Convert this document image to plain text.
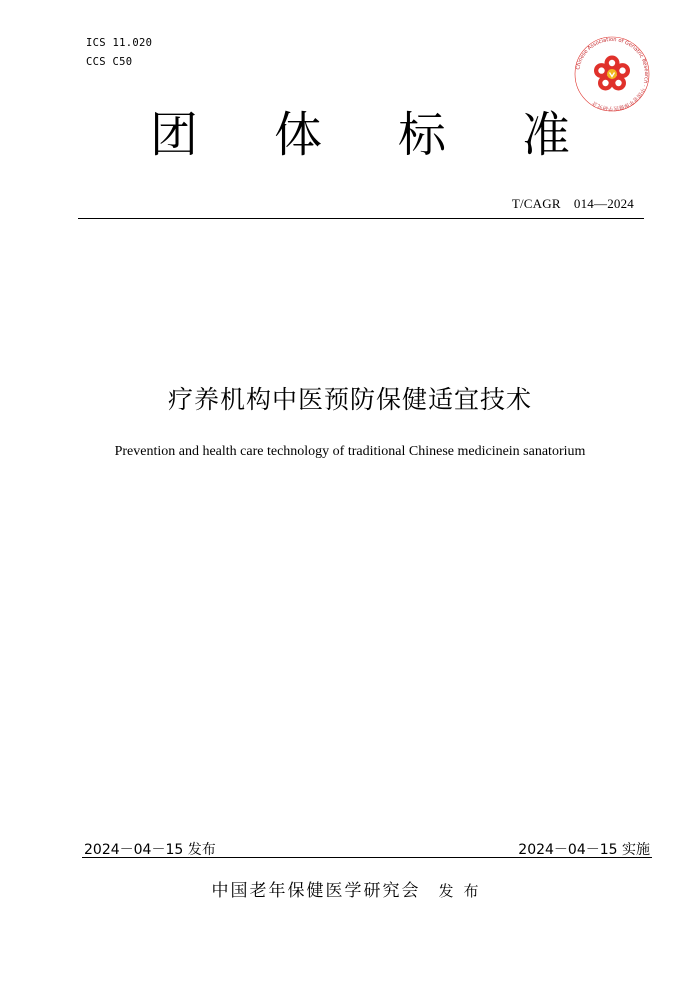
ICS 11.020
CCS C50	Chinese Association of Geriatric Research · 中国老年保健医学研究会
团 体 标 准
T/CAGR　014—2024
疗养机构中医预防保健适宜技术
Prevention and health care technology of traditional Chinese medicinein sanatorium
2024－04－15 发布	2024－04－15 实施
中国老年保健医学研究会 发布
